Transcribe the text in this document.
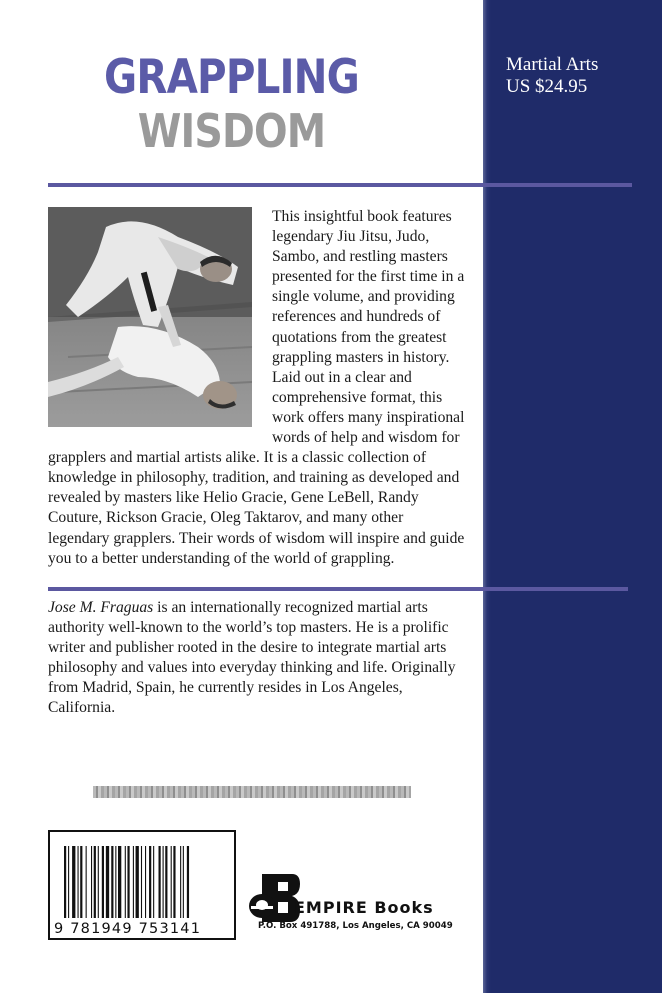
Martial Arts
US $24.95
GRAPPLING
WISDOM

This insightful book features legendary Jiu Jitsu, Judo, Sambo, and restling masters presented for the first time in a single volume, and providing references and hundreds of quotations from the greatest grappling masters in history. Laid out in a clear and comprehensive format, this work offers many inspirational words of help and wisdom for grapplers and martial artists alike. It is a classic collection of knowledge in philosophy, tradition, and training as developed and revealed by masters like Helio Gracie, Gene LeBell, Randy Couture, Rickson Gracie, Oleg Taktarov, and many other legendary grapplers. Their words of wisdom will inspire and guide you to a better understanding of the world of grappling.

Jose M. Fraguas is an internationally recognized martial arts authority well-known to the world’s top masters. He is a prolific writer and publisher rooted in the desire to integrate martial arts philosophy and values into everyday thinking and life. Originally from Madrid, Spain, he currently resides in Los Angeles, California.

9 781949 753141
EMPIRE Books
P.O. Box 491788, Los Angeles, CA 90049
